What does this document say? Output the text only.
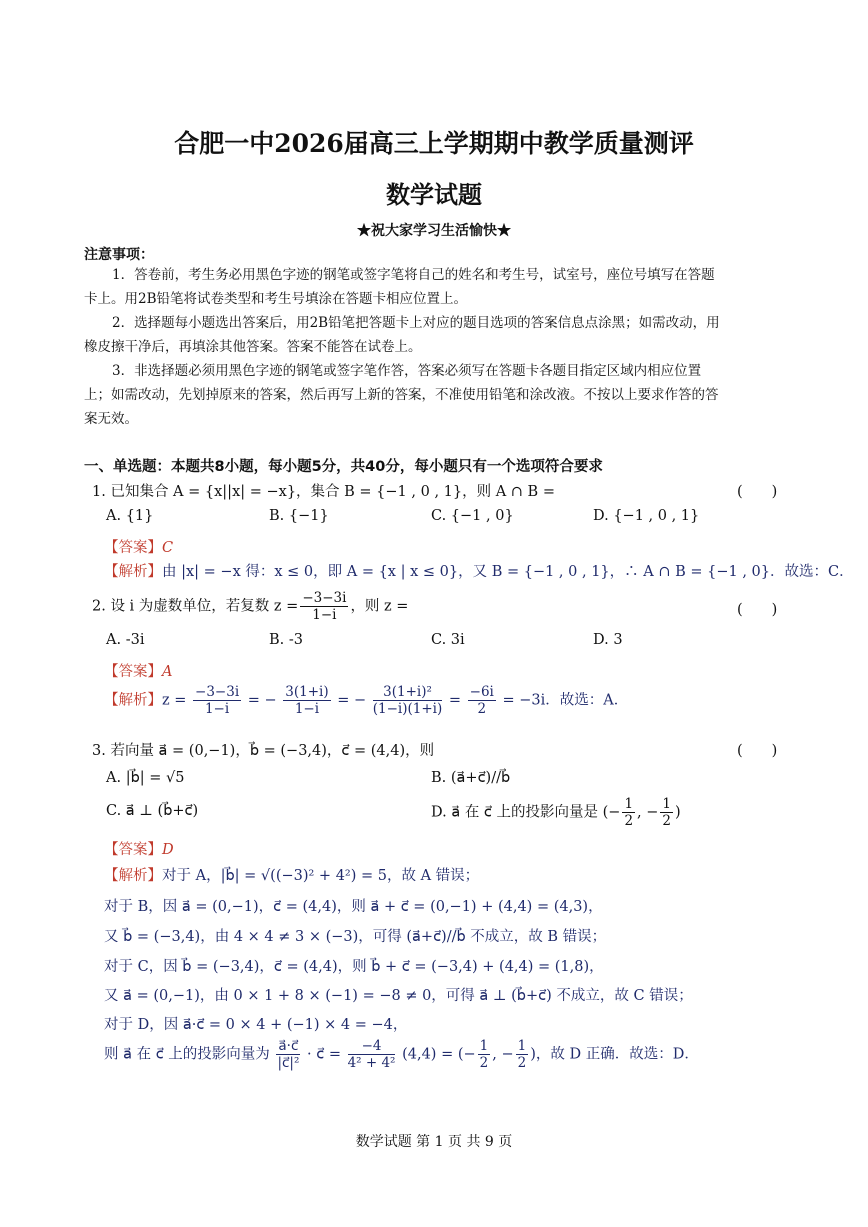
合肥一中2026届高三上学期期中教学质量测评
数学试题
★祝大家学习生活愉快★
注意事项：
1．答卷前，考生务必用黑色字迹的钢笔或签字笔将自己的姓名和考生号，试室号，座位号填写在答题
卡上。用2B铅笔将试卷类型和考生号填涂在答题卡相应位置上。
2．选择题每小题选出答案后，用2B铅笔把答题卡上对应的题目选项的答案信息点涂黑；如需改动，用
橡皮擦干净后，再填涂其他答案。答案不能答在试卷上。
3．非选择题必须用黑色字迹的钢笔或签字笔作答，答案必须写在答题卡各题目指定区域内相应位置
上；如需改动，先划掉原来的答案，然后再写上新的答案，不准使用铅笔和涂改液。不按以上要求作答的答
案无效。
一、单选题：本题共8小题，每小题5分，共40分，每小题只有一个选项符合要求
1. 已知集合 A = {x||x| = −x}，集合 B = {−1 , 0 , 1}，则 A ∩ B =	(　　)
A. {1}	B. {−1}	C. {−1 , 0}	D. {−1 , 0 , 1}
【答案】C
【解析】由 |x| = −x 得：x ≤ 0，即 A = {x | x ≤ 0}，又 B = {−1 , 0 , 1}，∴ A ∩ B = {−1 , 0}．故选：C．
2. 设 i 为虚数单位，若复数 $z = \frac{-3-3i}{1-i}$ ，则 z =	(　　)
A. -3i	B. -3	C. 3i	D. 3
【答案】A
【解析】$z = \frac{-3-3i}{1-i}$ = − $\frac{3(1+i)}{1-i}$ = − $\frac{\text{3(1+i)²}}{(1-i)(1+i)} = \frac{-6i}{2} = -3i$．故选：A．
3. 若向量 a⃗ = (0,−1)，b⃗ = (−3,4)，c⃗ = (4,4)，则	(　　)
A. |b⃗| = √5	B. (a⃗+c⃗)//b⃗
C. a⃗ ⊥ (b⃗+c⃗)	D. a⃗ 在 c⃗ 上的投影向量是 (− $\frac{1}{2}$ , − $\frac{1}{2}$ )
【答案】D
【解析】对于 A，|b⃗| = √((−3)² + 4²) = 5，故 A 错误；
对于 B，因 a⃗ = (0,−1)，c⃗ = (4,4)，则 a⃗ + c⃗ = (0,−1) + (4,4) = (4,3)，
又 b⃗ = (−3,4)，由 4 × 4 ≠ 3 × (−3)，可得 (a⃗+c⃗)//b⃗ 不成立，故 B 错误；
对于 C，因 b⃗ = (−3,4)，c⃗ = (4,4)，则 b⃗ + c⃗ = (−3,4) + (4,4) = (1,8)，
又 a⃗ = (0,−1)，由 0 × 1 + 8 × (−1) = −8 ≠ 0，可得 a⃗ ⊥ (b⃗+c⃗) 不成立，故 C 错误；
对于 D，因 a⃗·c⃗ = 0 × 4 + (−1) × 4 = −4，
则 a⃗ 在 c⃗ 上的投影向量为 $\frac{a⃗\cdot c⃗}{\text{|c⃗|²}}$ · c⃗ = $\frac{-4}{\text{4² + 4²}} (4,4)$ = (− $\frac{1}{2}$ , − $\frac{1}{2}$ )，故 D 正确．故选：D．
数学试题 第 1 页 共 9 页
